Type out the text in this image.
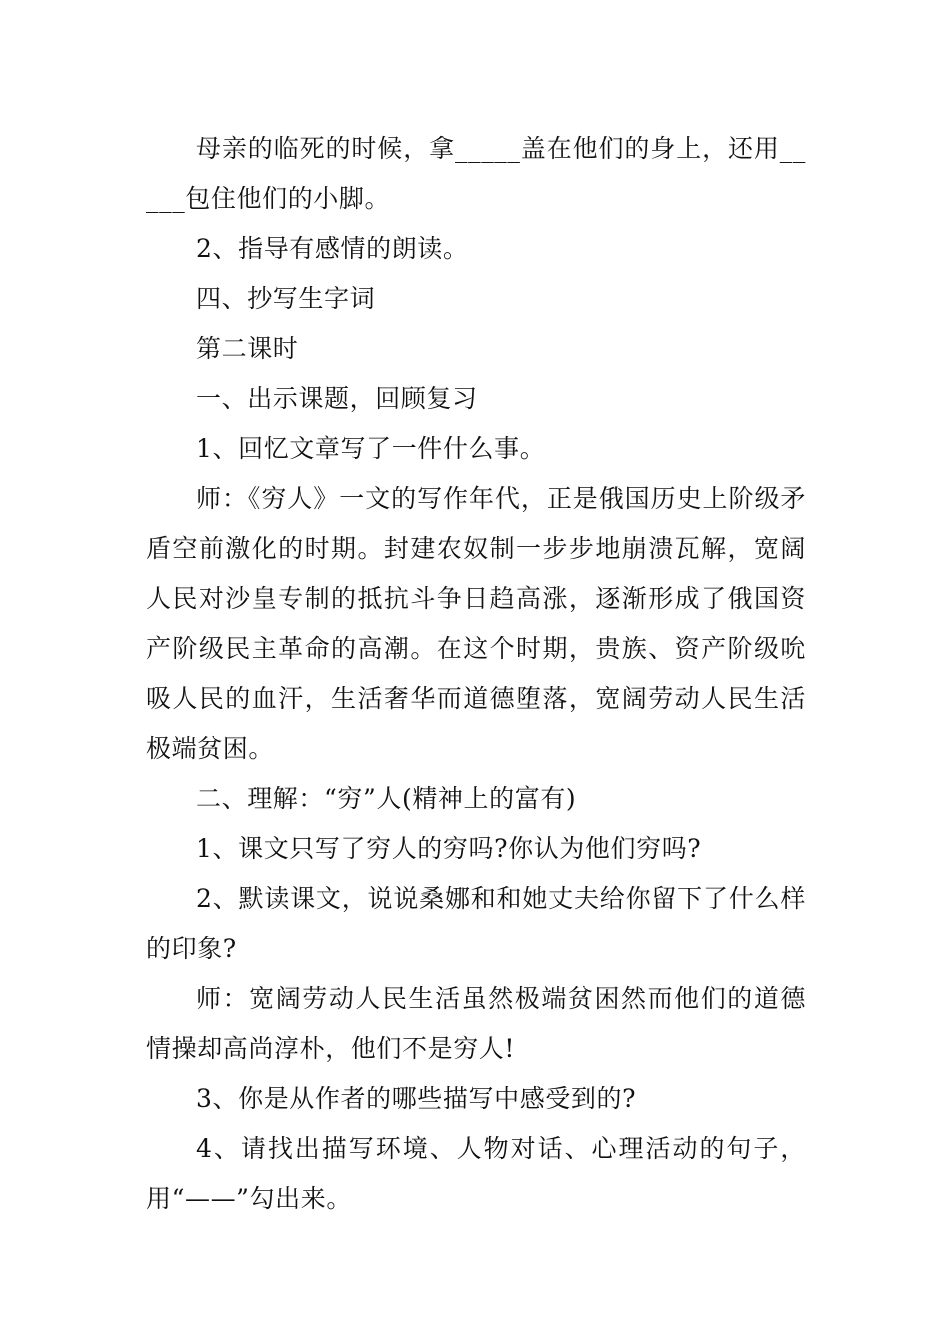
母亲的临死的时候，拿_____盖在他们的身上，还用_____包住他们的小脚。

2、指导有感情的朗读。

四、抄写生字词

第二课时

一、出示课题，回顾复习

1、回忆文章写了一件什么事。

师：《穷人》一文的写作年代，正是俄国历史上阶级矛盾空前激化的时期。封建农奴制一步步地崩溃瓦解，宽阔人民对沙皇专制的抵抗斗争日趋高涨，逐渐形成了俄国资产阶级民主革命的高潮。在这个时期，贵族、资产阶级吮吸人民的血汗，生活奢华而道德堕落，宽阔劳动人民生活极端贫困。

二、理解：“穷”人(精神上的富有)

1、课文只写了穷人的穷吗?你认为他们穷吗?

2、默读课文，说说桑娜和和她丈夫给你留下了什么样的印象?

师：宽阔劳动人民生活虽然极端贫困然而他们的道德情操却高尚淳朴，他们不是穷人!

3、你是从作者的哪些描写中感受到的?

4、请找出描写环境、人物对话、心理活动的句子，用“——”勾出来。
